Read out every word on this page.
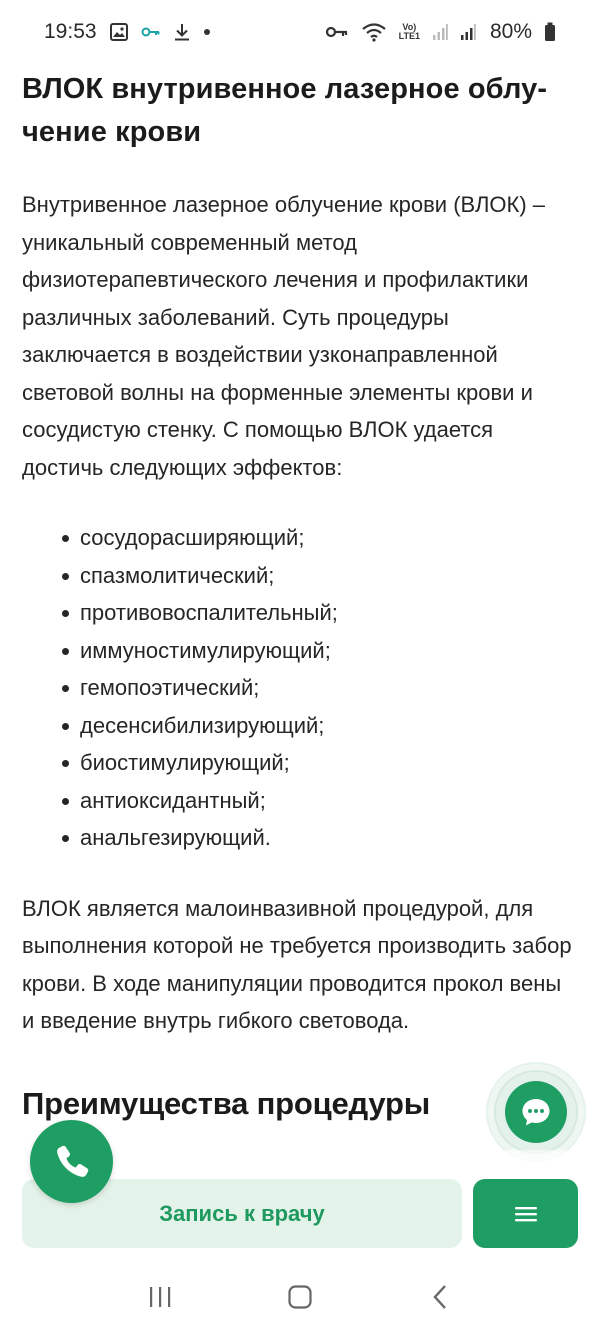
19:53	Vo)
LTE1	80%
ВЛОК внутривенное лазерное облу-чение крови

Внутривенное лазерное облучение крови (ВЛОК) – уникальный современный метод физиотерапевтического лечения и профилактики различных заболеваний. Суть процедуры заключается в воздействии узконаправленной световой волны на форменные элементы крови и сосудистую стенку. С помощью ВЛОК удается достичь следующих эффектов:

сосудорасширяющий;
спазмолитический;
противовоспалительный;
иммуностимулирующий;
гемопоэтический;
десенсибилизирующий;
биостимулирующий;
антиоксидантный;
анальгезирующий.

ВЛОК является малоинвазивной процедурой, для выполнения которой не требуется производить забор крови. В ходе манипуляции проводится прокол вены и введение внутрь гибкого световода.

Преимущества процедуры
Запись к врачу
